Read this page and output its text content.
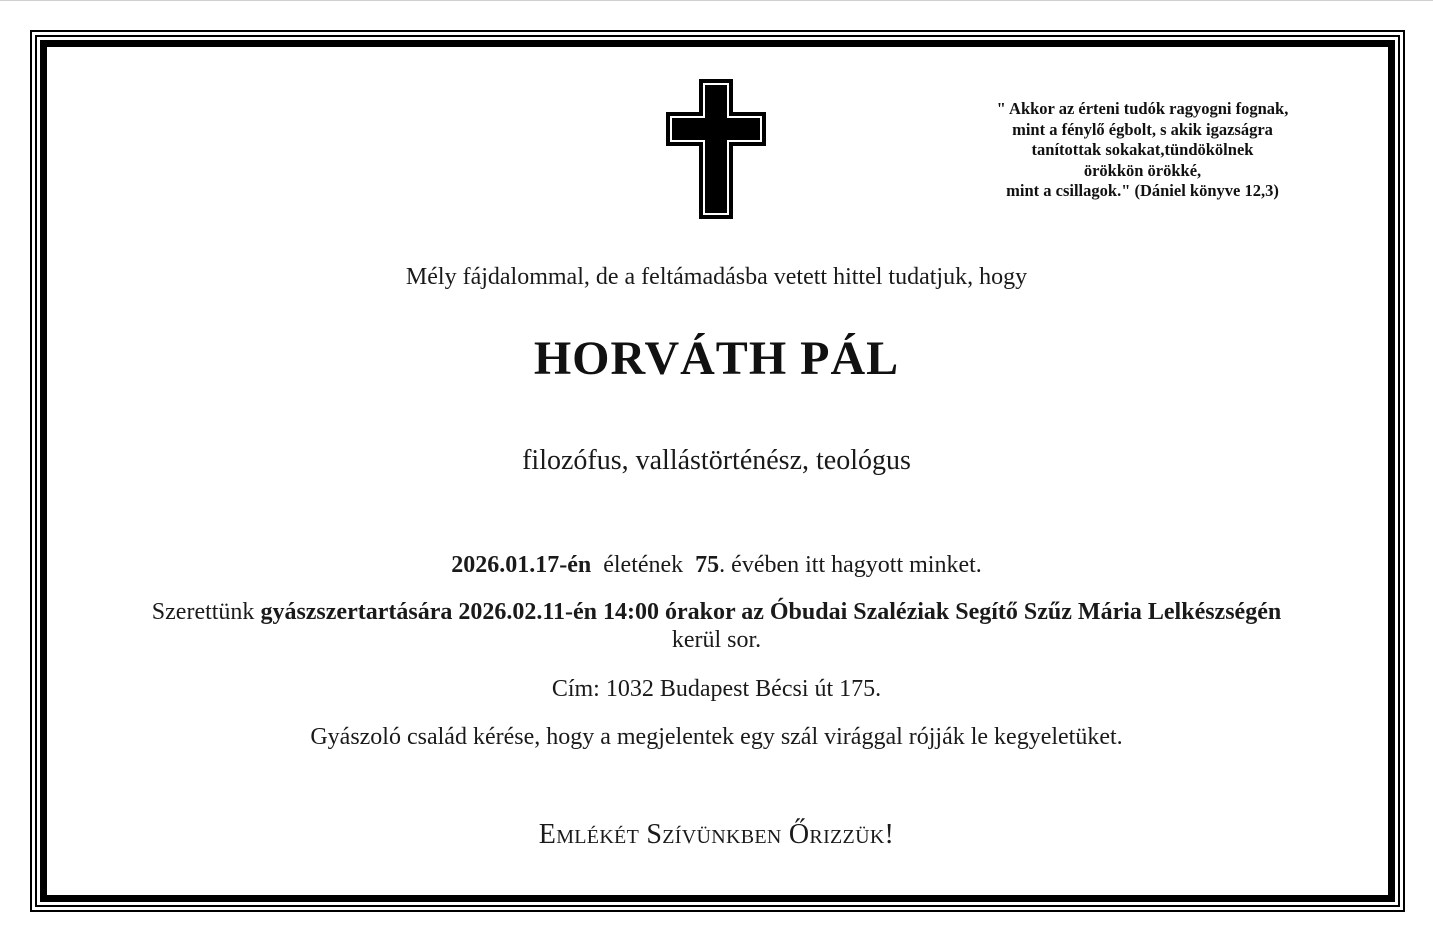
" Akkor az érteni tudók ragyogni fognak,
mint a fénylő égbolt, s akik igazságra
tanítottak sokakat,tündökölnek
örökkön örökké,
mint a csillagok." (Dániel könyve 12,3)
Mély fájdalommal, de a feltámadásba vetett hittel tudatjuk, hogy
HORVÁTH PÁL
filozófus, vallástörténész, teológus
2026.01.17-én életének 75. évében itt hagyott minket.
Szerettünk gyászszertartására 2026.02.11-én 14:00 órakor az Óbudai Szaléziak Segítő Szűz Mária Lelkészségén kerül sor.
Cím: 1032 Budapest Bécsi út 175.
Gyászoló család kérése, hogy a megjelentek egy szál virággal rójják le kegyeletüket.
Emlékét Szívünkben Őrizzük!
